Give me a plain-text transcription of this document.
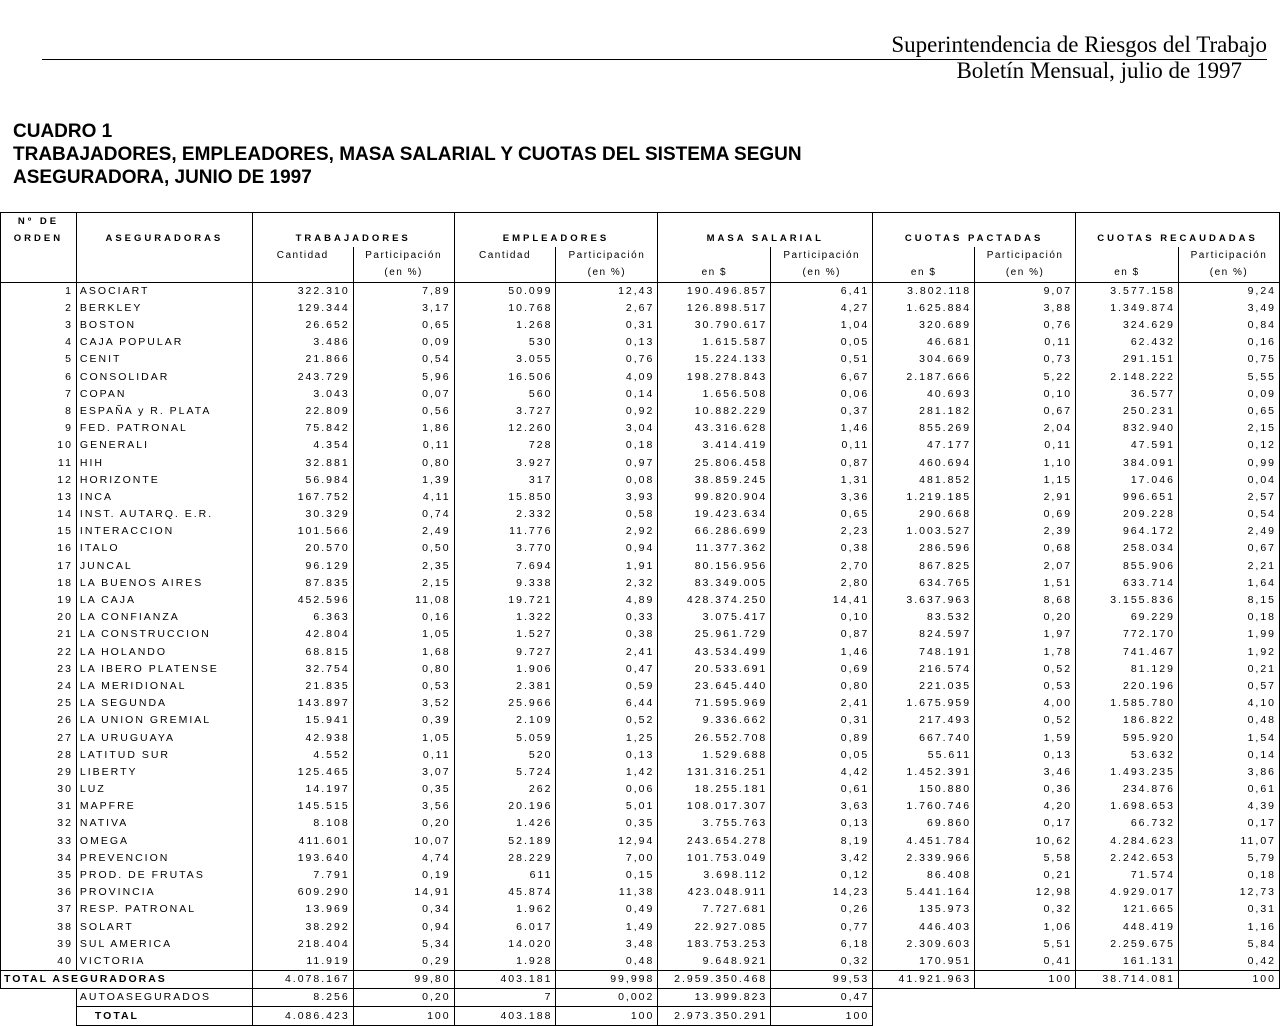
Superintendencia de Riesgos del Trabajo
Boletín Mensual, julio de 1997
CUADRO 1
TRABAJADORES, EMPLEADORES, MASA SALARIAL Y CUOTAS DEL SISTEMA SEGUN
ASEGURADORA, JUNIO DE 1997
Nº DE											
ORDEN	ASEGURADORAS	TRABAJADORES		EMPLEADORES		MASA SALARIAL		CUOTAS PACTADAS		CUOTAS RECAUDADAS	
		Cantidad	Participación	Cantidad	Participación		Participación		Participación		Participación
			(en %)		(en %)	en $	(en %)	en $	(en %)	en $	(en %)
1	ASOCIART	322.310	7,89	50.099	12,43	190.496.857	6,41	3.802.118	9,07	3.577.158	9,24
2	BERKLEY	129.344	3,17	10.768	2,67	126.898.517	4,27	1.625.884	3,88	1.349.874	3,49
3	BOSTON	26.652	0,65	1.268	0,31	30.790.617	1,04	320.689	0,76	324.629	0,84
4	CAJA POPULAR	3.486	0,09	530	0,13	1.615.587	0,05	46.681	0,11	62.432	0,16
5	CENIT	21.866	0,54	3.055	0,76	15.224.133	0,51	304.669	0,73	291.151	0,75
6	CONSOLIDAR	243.729	5,96	16.506	4,09	198.278.843	6,67	2.187.666	5,22	2.148.222	5,55
7	COPAN	3.043	0,07	560	0,14	1.656.508	0,06	40.693	0,10	36.577	0,09
8	ESPAÑA y R. PLATA	22.809	0,56	3.727	0,92	10.882.229	0,37	281.182	0,67	250.231	0,65
9	FED. PATRONAL	75.842	1,86	12.260	3,04	43.316.628	1,46	855.269	2,04	832.940	2,15
10	GENERALI	4.354	0,11	728	0,18	3.414.419	0,11	47.177	0,11	47.591	0,12
11	HIH	32.881	0,80	3.927	0,97	25.806.458	0,87	460.694	1,10	384.091	0,99
12	HORIZONTE	56.984	1,39	317	0,08	38.859.245	1,31	481.852	1,15	17.046	0,04
13	INCA	167.752	4,11	15.850	3,93	99.820.904	3,36	1.219.185	2,91	996.651	2,57
14	INST. AUTARQ. E.R.	30.329	0,74	2.332	0,58	19.423.634	0,65	290.668	0,69	209.228	0,54
15	INTERACCION	101.566	2,49	11.776	2,92	66.286.699	2,23	1.003.527	2,39	964.172	2,49
16	ITALO	20.570	0,50	3.770	0,94	11.377.362	0,38	286.596	0,68	258.034	0,67
17	JUNCAL	96.129	2,35	7.694	1,91	80.156.956	2,70	867.825	2,07	855.906	2,21
18	LA BUENOS AIRES	87.835	2,15	9.338	2,32	83.349.005	2,80	634.765	1,51	633.714	1,64
19	LA CAJA	452.596	11,08	19.721	4,89	428.374.250	14,41	3.637.963	8,68	3.155.836	8,15
20	LA CONFIANZA	6.363	0,16	1.322	0,33	3.075.417	0,10	83.532	0,20	69.229	0,18
21	LA CONSTRUCCION	42.804	1,05	1.527	0,38	25.961.729	0,87	824.597	1,97	772.170	1,99
22	LA HOLANDO	68.815	1,68	9.727	2,41	43.534.499	1,46	748.191	1,78	741.467	1,92
23	LA IBERO PLATENSE	32.754	0,80	1.906	0,47	20.533.691	0,69	216.574	0,52	81.129	0,21
24	LA MERIDIONAL	21.835	0,53	2.381	0,59	23.645.440	0,80	221.035	0,53	220.196	0,57
25	LA SEGUNDA	143.897	3,52	25.966	6,44	71.595.969	2,41	1.675.959	4,00	1.585.780	4,10
26	LA UNION GREMIAL	15.941	0,39	2.109	0,52	9.336.662	0,31	217.493	0,52	186.822	0,48
27	LA URUGUAYA	42.938	1,05	5.059	1,25	26.552.708	0,89	667.740	1,59	595.920	1,54
28	LATITUD SUR	4.552	0,11	520	0,13	1.529.688	0,05	55.611	0,13	53.632	0,14
29	LIBERTY	125.465	3,07	5.724	1,42	131.316.251	4,42	1.452.391	3,46	1.493.235	3,86
30	LUZ	14.197	0,35	262	0,06	18.255.181	0,61	150.880	0,36	234.876	0,61
31	MAPFRE	145.515	3,56	20.196	5,01	108.017.307	3,63	1.760.746	4,20	1.698.653	4,39
32	NATIVA	8.108	0,20	1.426	0,35	3.755.763	0,13	69.860	0,17	66.732	0,17
33	OMEGA	411.601	10,07	52.189	12,94	243.654.278	8,19	4.451.784	10,62	4.284.623	11,07
34	PREVENCION	193.640	4,74	28.229	7,00	101.753.049	3,42	2.339.966	5,58	2.242.653	5,79
35	PROD. DE FRUTAS	7.791	0,19	611	0,15	3.698.112	0,12	86.408	0,21	71.574	0,18
36	PROVINCIA	609.290	14,91	45.874	11,38	423.048.911	14,23	5.441.164	12,98	4.929.017	12,73
37	RESP. PATRONAL	13.969	0,34	1.962	0,49	7.727.681	0,26	135.973	0,32	121.665	0,31
38	SOLART	38.292	0,94	6.017	1,49	22.927.085	0,77	446.403	1,06	448.419	1,16
39	SUL AMERICA	218.404	5,34	14.020	3,48	183.753.253	6,18	2.309.603	5,51	2.259.675	5,84
40	VICTORIA	11.919	0,29	1.928	0,48	9.648.921	0,32	170.951	0,41	161.131	0,42
TOTAL ASEGURADORAS		4.078.167	99,80	403.181	99,998	2.959.350.468	99,53	41.921.963	100	38.714.081	100
	AUTOASEGURADOS	8.256	0,20	7	0,002	13.999.823	0,47				
	TOTAL	4.086.423	100	403.188	100	2.973.350.291	100				
